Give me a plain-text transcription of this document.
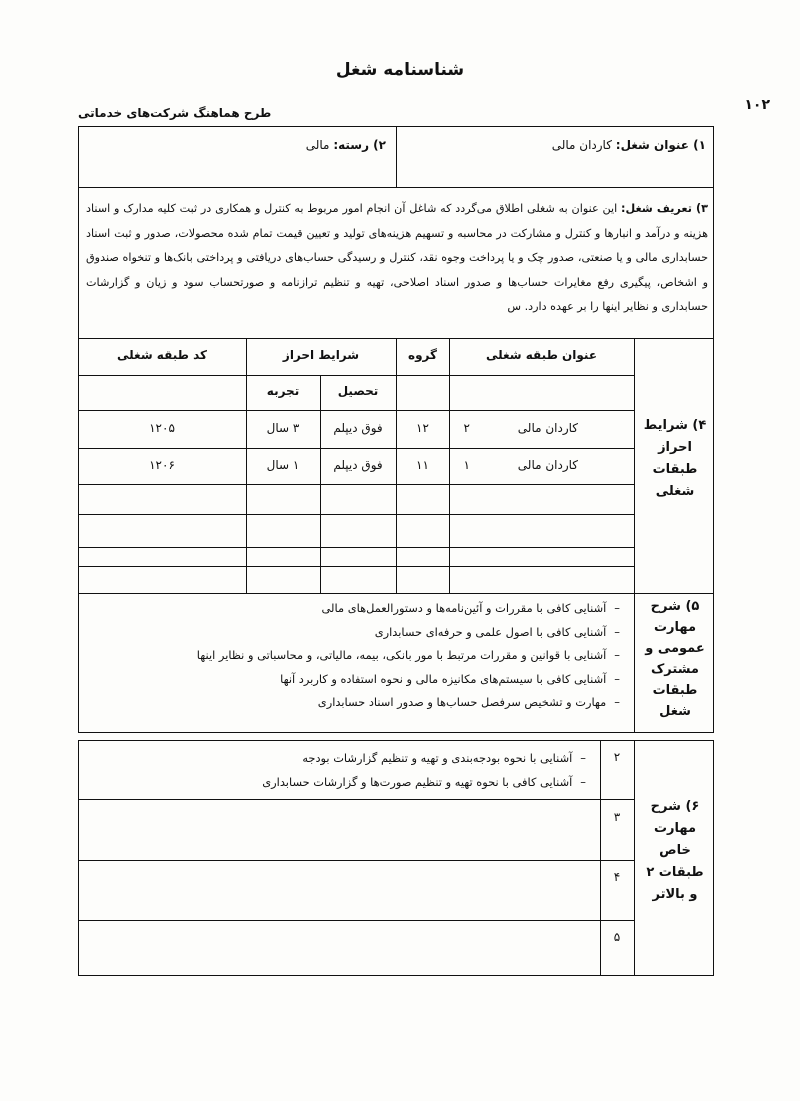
شناسنامه شغل
۱۰۲
طرح هماهنگ شرکت‌های خدماتی
۱) عنوان شغل: کاردان مالی
۲) رسته: مالی
۳) تعریف شغل: این عنوان به شغلی اطلاق می‌گردد که شاغل آن انجام امور مربوط به کنترل و همکاری در ثبت کلیه مدارک و اسناد هزینه و درآمد و انبارها و کنترل و مشارکت در محاسبه و تسهیم هزینه‌های تولید و تعیین قیمت تمام شده محصولات، صدور و ثبت اسناد حسابداری مالی و یا صنعتی، صدور چک و یا پرداخت وجوه نقد، کنترل و رسیدگی حساب‌های دریافتی و پرداختی بانک‌ها و تنخواه صندوق و اشخاص، پیگیری رفع مغایرات حساب‌ها و صدور اسناد اصلاحی، تهیه و تنظیم ترازنامه و صورتحساب سود و زیان و گزارشات حسابداری و نظایر اینها را بر عهده دارد. س
۴) شرایط
احراز
طبقات
شغلی
عنوان طبقه شغلی
گروه
شرایط احراز
کد طبقه شغلی
تحصیل
تجربه
کاردان مالی
۲
۱۲
فوق دیپلم
۳ سال
۱۲۰۵
کاردان مالی
۱
۱۱
فوق دیپلم
۱ سال
۱۲۰۶
۵) شرح
مهارت
عمومی و
مشترک
طبقات
شغل
– آشنایی کافی با مقررات و آئین‌نامه‌ها و دستورالعمل‌های مالی
– آشنایی کافی با اصول علمی و حرفه‌ای حسابداری
– آشنایی با قوانین و مقررات مرتبط با مور بانکی، بیمه، مالیاتی، و محاسباتی و نظایر اینها
– آشنایی کافی با سیستم‌های مکانیزه مالی و نحوه استفاده و کاربرد آنها
– مهارت و تشخیص سرفصل حساب‌ها و صدور اسناد حسابداری
۶) شرح
مهارت
خاص
طبقات ۲
و بالاتر
۲
۳
۴
۵
– آشنایی با نحوه بودجه‌بندی و تهیه و تنظیم گزارشات بودجه
– آشنایی کافی با نحوه تهیه و تنظیم صورت‌ها و گزارشات حسابداری
